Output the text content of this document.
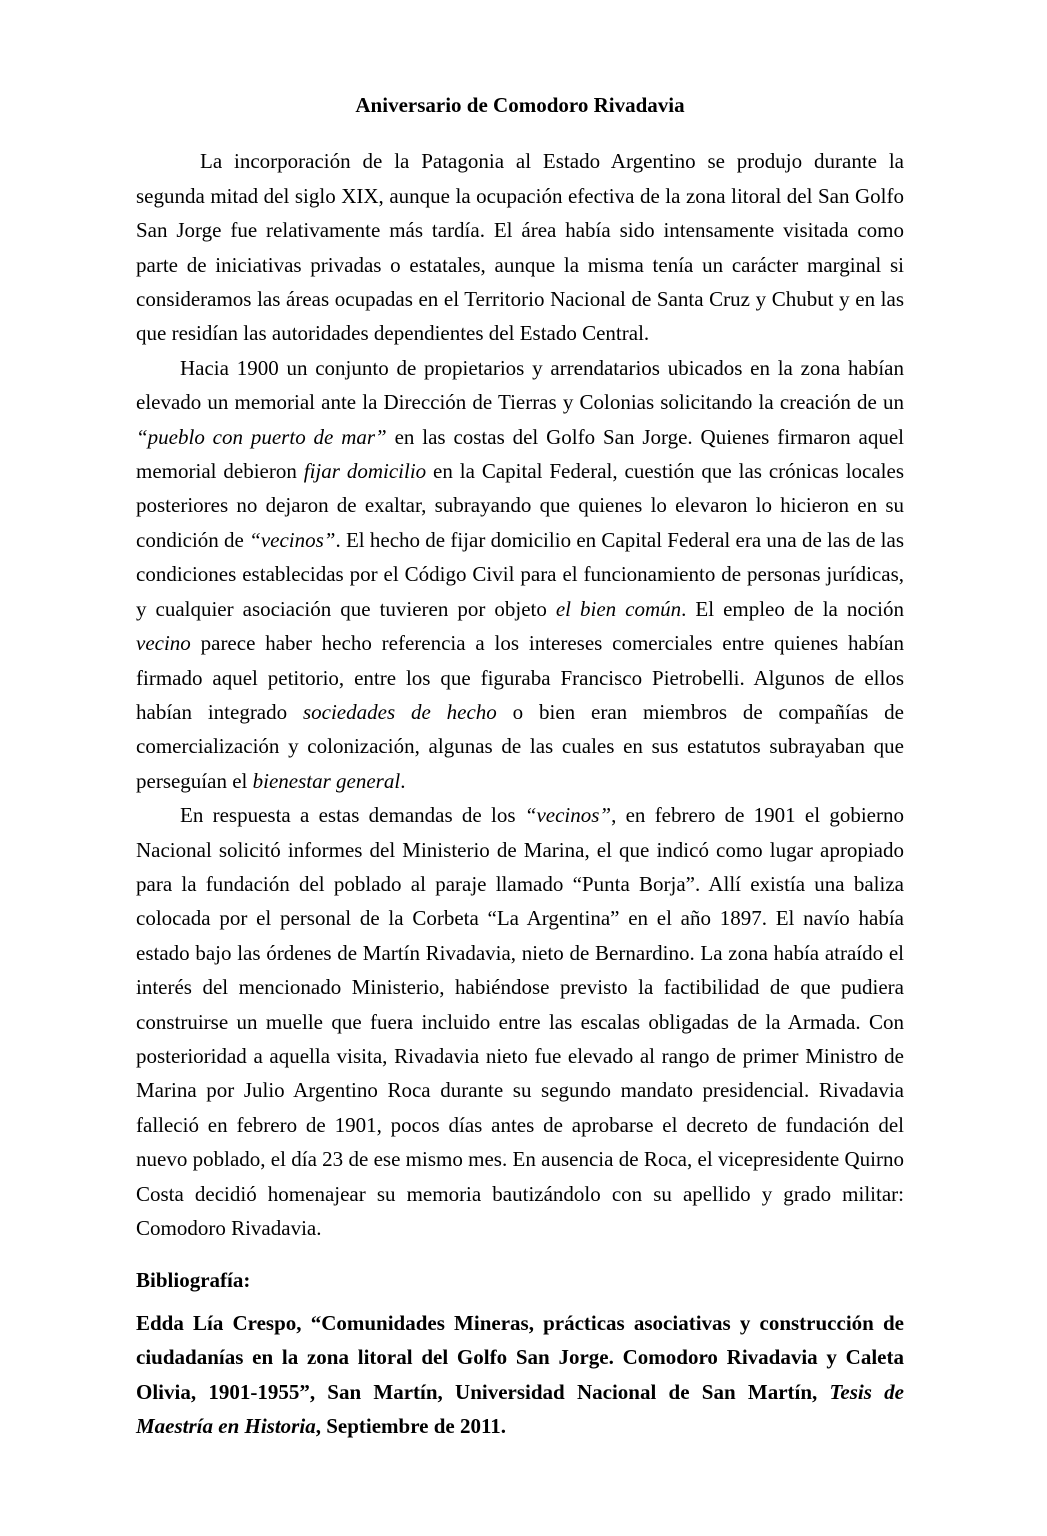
Aniversario de Comodoro Rivadavia

La incorporación de la Patagonia al Estado Argentino se produjo durante la segunda mitad del siglo XIX, aunque la ocupación efectiva de la zona litoral del San Golfo San Jorge fue relativamente más tardía. El área había sido intensamente visitada como parte de iniciativas privadas o estatales, aunque la misma tenía un carácter marginal si consideramos las áreas ocupadas en el Territorio Nacional de Santa Cruz y Chubut y en las que residían las autoridades dependientes del Estado Central.

Hacia 1900 un conjunto de propietarios y arrendatarios ubicados en la zona habían elevado un memorial ante la Dirección de Tierras y Colonias solicitando la creación de un “pueblo con puerto de mar” en las costas del Golfo San Jorge. Quienes firmaron aquel memorial debieron fijar domicilio en la Capital Federal, cuestión que las crónicas locales posteriores no dejaron de exaltar, subrayando que quienes lo elevaron lo hicieron en su condición de “vecinos”. El hecho de fijar domicilio en Capital Federal era una de las de las condiciones establecidas por el Código Civil para el funcionamiento de personas jurídicas, y cualquier asociación que tuvieren por objeto el bien común. El empleo de la noción vecino parece haber hecho referencia a los intereses comerciales entre quienes habían firmado aquel petitorio, entre los que figuraba Francisco Pietrobelli. Algunos de ellos habían integrado sociedades de hecho o bien eran miembros de compañías de comercialización y colonización, algunas de las cuales en sus estatutos subrayaban que perseguían el bienestar general.

En respuesta a estas demandas de los “vecinos”, en febrero de 1901 el gobierno Nacional solicitó informes del Ministerio de Marina, el que indicó como lugar apropiado para la fundación del poblado al paraje llamado “Punta Borja”. Allí existía una baliza colocada por el personal de la Corbeta “La Argentina” en el año 1897. El navío había estado bajo las órdenes de Martín Rivadavia, nieto de Bernardino. La zona había atraído el interés del mencionado Ministerio, habiéndose previsto la factibilidad de que pudiera construirse un muelle que fuera incluido entre las escalas obligadas de la Armada. Con posterioridad a aquella visita, Rivadavia nieto fue elevado al rango de primer Ministro de Marina por Julio Argentino Roca durante su segundo mandato presidencial. Rivadavia falleció en febrero de 1901, pocos días antes de aprobarse el decreto de fundación del nuevo poblado, el día 23 de ese mismo mes. En ausencia de Roca, el vicepresidente Quirno Costa decidió homenajear su memoria bautizándolo con su apellido y grado militar: Comodoro Rivadavia.

Bibliografía:

Edda Lía Crespo, “Comunidades Mineras, prácticas asociativas y construcción de ciudadanías en la zona litoral del Golfo San Jorge. Comodoro Rivadavia y Caleta Olivia, 1901-1955”, San Martín, Universidad Nacional de San Martín, Tesis de Maestría en Historia, Septiembre de 2011.
